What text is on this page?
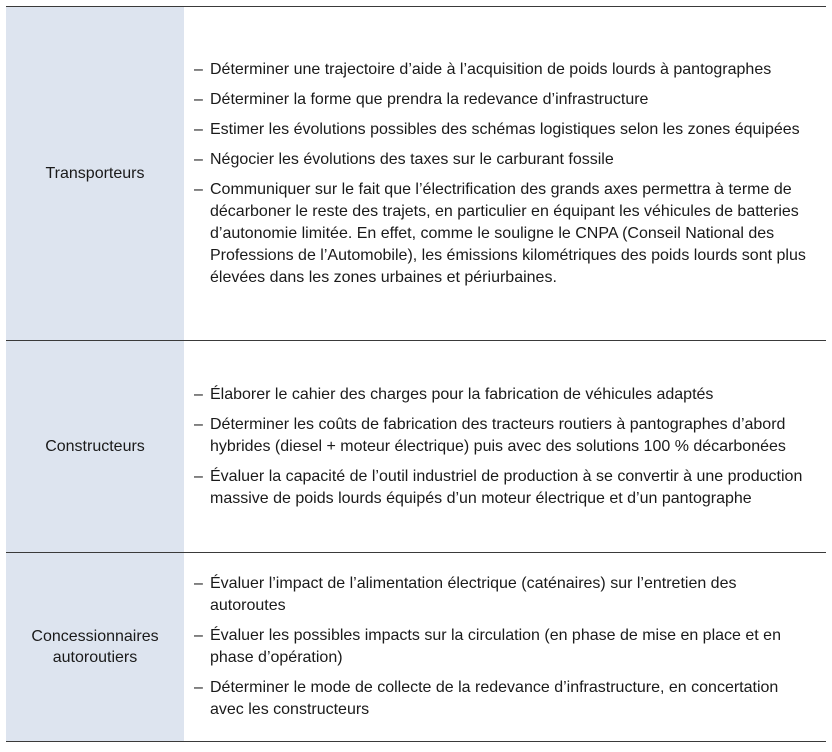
Transporteurs
– Déterminer une trajectoire d’aide à l’acquisition de poids lourds à pantographes
– Déterminer la forme que prendra la redevance d’infrastructure
– Estimer les évolutions possibles des schémas logistiques selon les zones équipées
– Négocier les évolutions des taxes sur le carburant fossile
– Communiquer sur le fait que l’électrification des grands axes permettra à terme de décarboner le reste des trajets, en particulier en équipant les véhicules de batteries d’autonomie limitée. En effet, comme le souligne le CNPA (Conseil National des Professions de l’Automobile), les émissions kilométriques des poids lourds sont plus élevées dans les zones urbaines et périurbaines.
Constructeurs
– Élaborer le cahier des charges pour la fabrication de véhicules adaptés
– Déterminer les coûts de fabrication des tracteurs routiers à pantographes d’abord hybrides (diesel + moteur électrique) puis avec des solutions 100 % décarbonées
– Évaluer la capacité de l’outil industriel de production à se convertir à une production massive de poids lourds équipés d’un moteur électrique et d’un pantographe
Concessionnaires autoroutiers
– Évaluer l’impact de l’alimentation électrique (caténaires) sur l’entretien des autoroutes
– Évaluer les possibles impacts sur la circulation (en phase de mise en place et en phase d’opération)
– Déterminer le mode de collecte de la redevance d’infrastructure, en concertation avec les constructeurs
